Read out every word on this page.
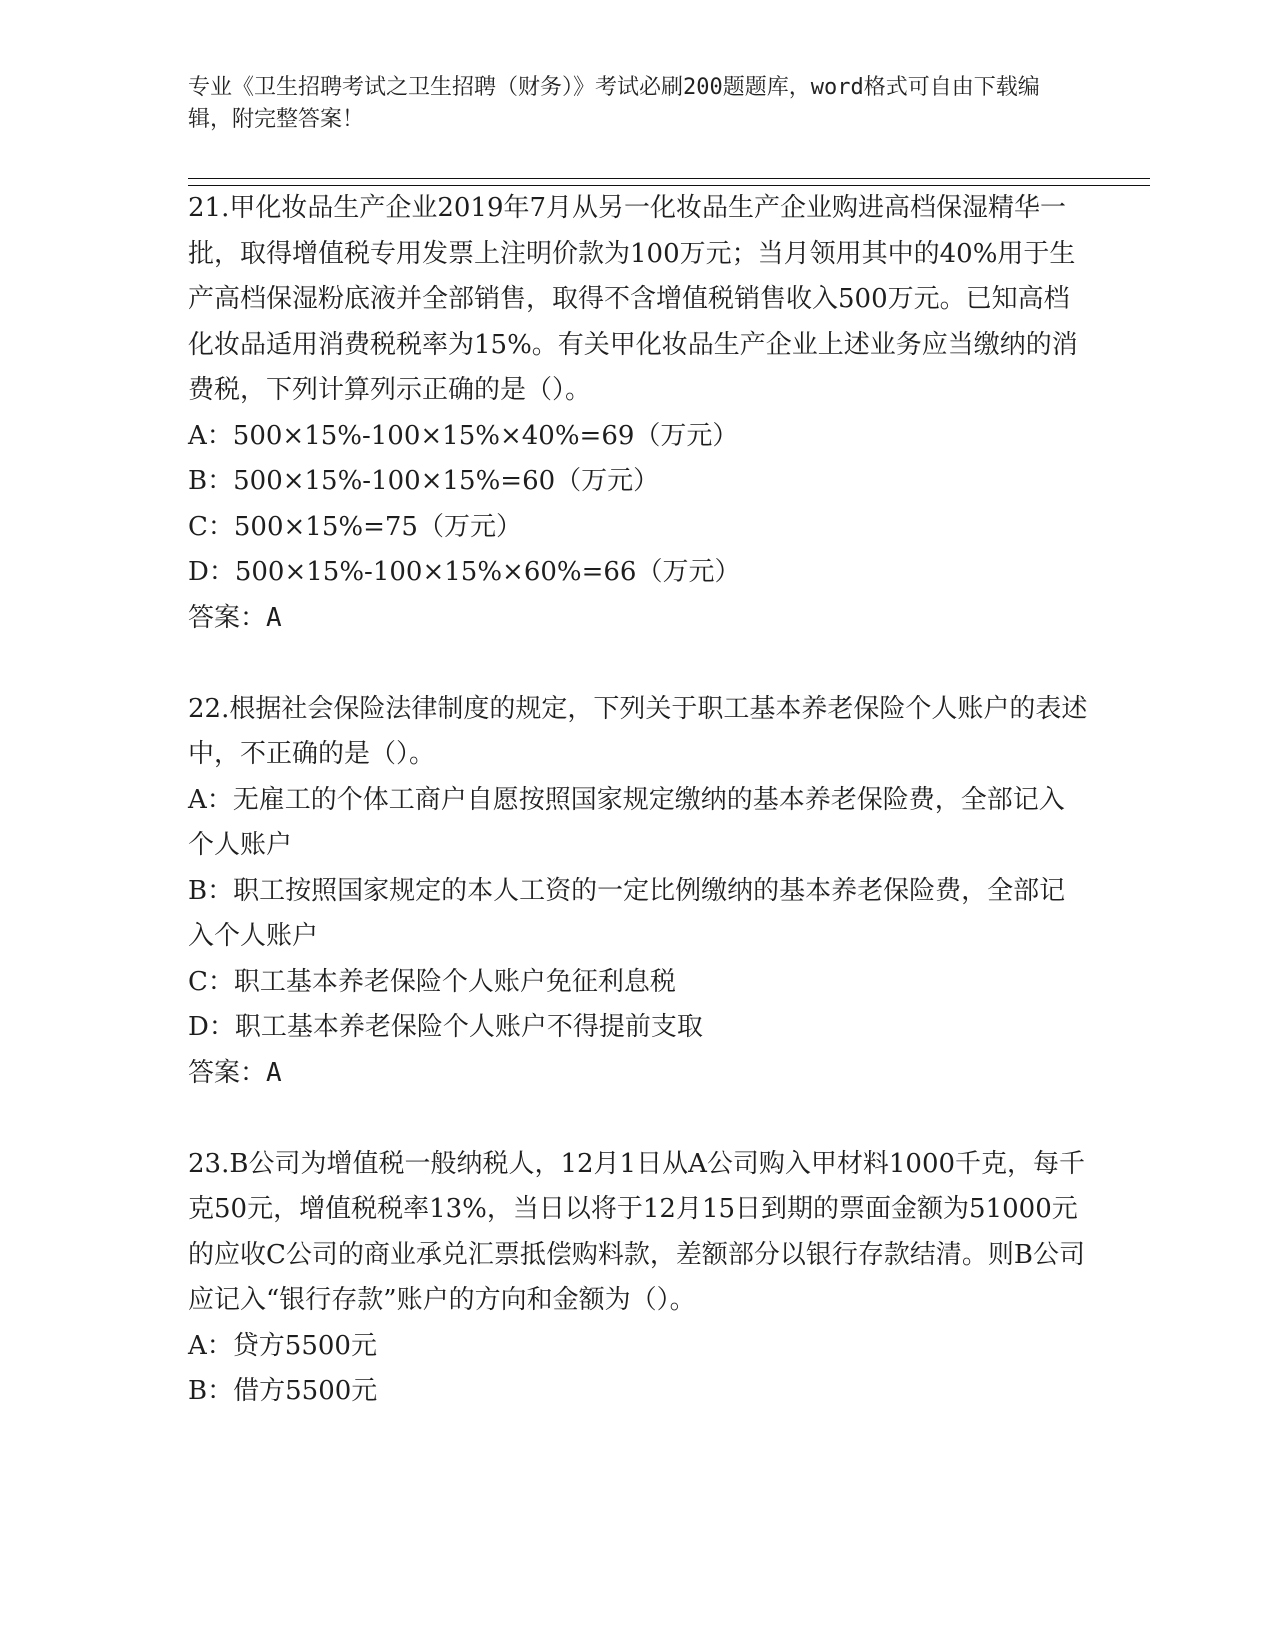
专业《卫生招聘考试之卫生招聘（财务）》考试必刷200题题库，word格式可自由下载编辑，附完整答案！
21.甲化妆品生产企业2019年7月从另一化妆品生产企业购进高档保湿精华一批，取得增值税专用发票上注明价款为100万元；当月领用其中的40%用于生产高档保湿粉底液并全部销售，取得不含增值税销售收入500万元。已知高档化妆品适用消费税税率为15%。有关甲化妆品生产企业上述业务应当缴纳的消费税，下列计算列示正确的是（）。
A：500×15%-100×15%×40%=69（万元）
B：500×15%-100×15%=60（万元）
C：500×15%=75（万元）
D：500×15%-100×15%×60%=66（万元）
答案：A
22.根据社会保险法律制度的规定，下列关于职工基本养老保险个人账户的表述中，不正确的是（）。
A：无雇工的个体工商户自愿按照国家规定缴纳的基本养老保险费，全部记入个人账户
B：职工按照国家规定的本人工资的一定比例缴纳的基本养老保险费，全部记入个人账户
C：职工基本养老保险个人账户免征利息税
D：职工基本养老保险个人账户不得提前支取
答案：A
23.B公司为增值税一般纳税人，12月1日从A公司购入甲材料1000千克，每千克50元，增值税税率13%，当日以将于12月15日到期的票面金额为51000元的应收C公司的商业承兑汇票抵偿购料款，差额部分以银行存款结清。则B公司应记入“银行存款”账户的方向和金额为（）。
A：贷方5500元
B：借方5500元
